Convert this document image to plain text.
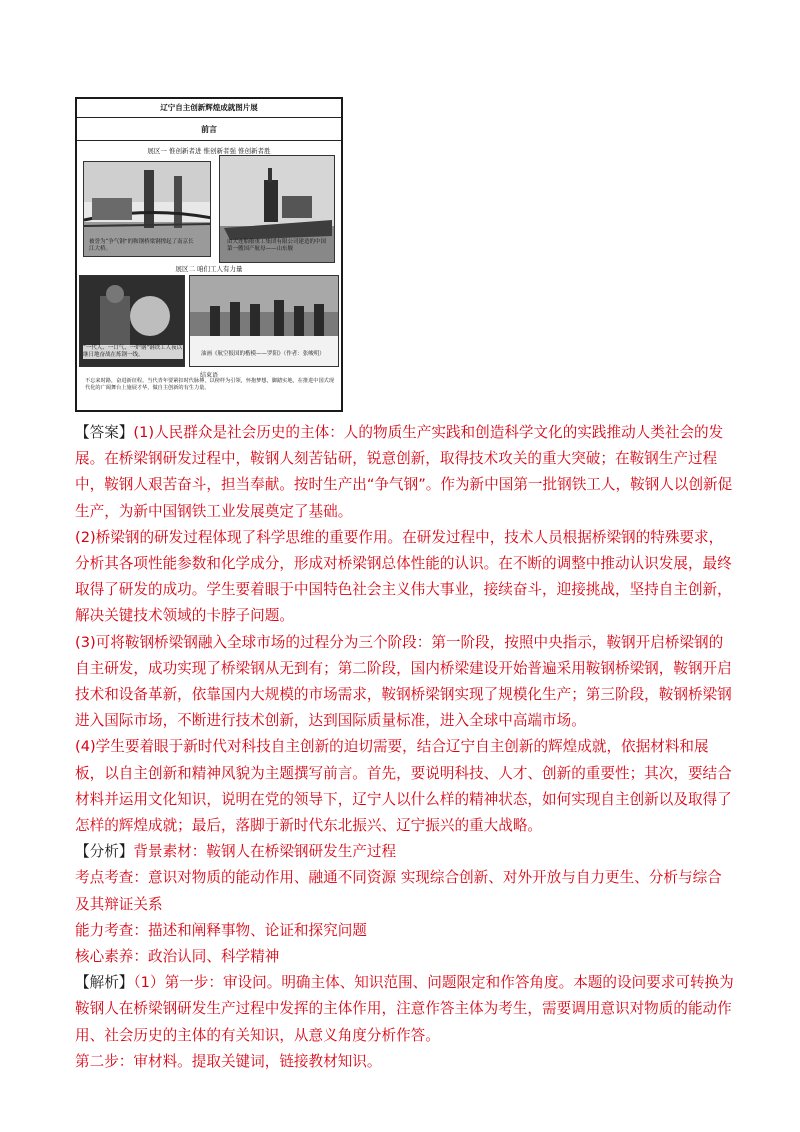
辽宁自主创新辉煌成就图片展
前言
展区一 惟创新者进 惟创新者强 惟创新者胜
被誉为“争气钢”的鞍钢桥梁钢撑起了南京长江大桥。
由大连船舶重工集团有限公司建造的中国第一艘国产航母——山东舰
展区二 咱们工人有力量
“一代人、一口气、一炉钢”钢铁工人夜以继日地奋战在炼钢一线。	油画《航空报国的楷模——罗阳》（作者：张峻明）
结束语
不忘来时路，奋进新征程。当代青年要紧扣时代脉搏，以榜样为引领，怀抱梦想，脚踏实地，在推进中国式现代化的广阔舞台上施展才华，做自主创新的有生力量。

【答案】(1)人民群众是社会历史的主体：人的物质生产实践和创造科学文化的实践推动人类社会的发展。在桥梁钢研发过程中，鞍钢人刻苦钻研，锐意创新，取得技术攻关的重大突破；在鞍钢生产过程中，鞍钢人艰苦奋斗，担当奉献。按时生产出“争气钢”。作为新中国第一批钢铁工人，鞍钢人以创新促生产，为新中国钢铁工业发展奠定了基础。

(2)桥梁钢的研发过程体现了科学思维的重要作用。在研发过程中，技术人员根据桥梁钢的特殊要求，分析其各项性能参数和化学成分，形成对桥梁钢总体性能的认识。在不断的调整中推动认识发展，最终取得了研发的成功。学生要着眼于中国特色社会主义伟大事业，接续奋斗，迎接挑战，坚持自主创新，解决关键技术领域的卡脖子问题。

(3)可将鞍钢桥梁钢融入全球市场的过程分为三个阶段：第一阶段，按照中央指示，鞍钢开启桥梁钢的自主研发，成功实现了桥梁钢从无到有；第二阶段，国内桥梁建设开始普遍采用鞍钢桥梁钢，鞍钢开启技术和设备革新，依靠国内大规模的市场需求，鞍钢桥梁钢实现了规模化生产；第三阶段，鞍钢桥梁钢进入国际市场，不断进行技术创新，达到国际质量标准，进入全球中高端市场。

(4)学生要着眼于新时代对科技自主创新的迫切需要，结合辽宁自主创新的辉煌成就，依据材料和展板，以自主创新和精神风貌为主题撰写前言。首先，要说明科技、人才、创新的重要性；其次，要结合材料并运用文化知识，说明在党的领导下，辽宁人以什么样的精神状态，如何实现自主创新以及取得了怎样的辉煌成就；最后，落脚于新时代东北振兴、辽宁振兴的重大战略。

【分析】背景素材：鞍钢人在桥梁钢研发生产过程

考点考查：意识对物质的能动作用、融通不同资源 实现综合创新、对外开放与自力更生、分析与综合及其辩证关系

能力考查：描述和阐释事物、论证和探究问题

核心素养：政治认同、科学精神

【解析】（1）第一步：审设问。明确主体、知识范围、问题限定和作答角度。本题的设问要求可转换为鞍钢人在桥梁钢研发生产过程中发挥的主体作用，注意作答主体为考生，需要调用意识对物质的能动作用、社会历史的主体的有关知识，从意义角度分析作答。

第二步：审材料。提取关键词，链接教材知识。
